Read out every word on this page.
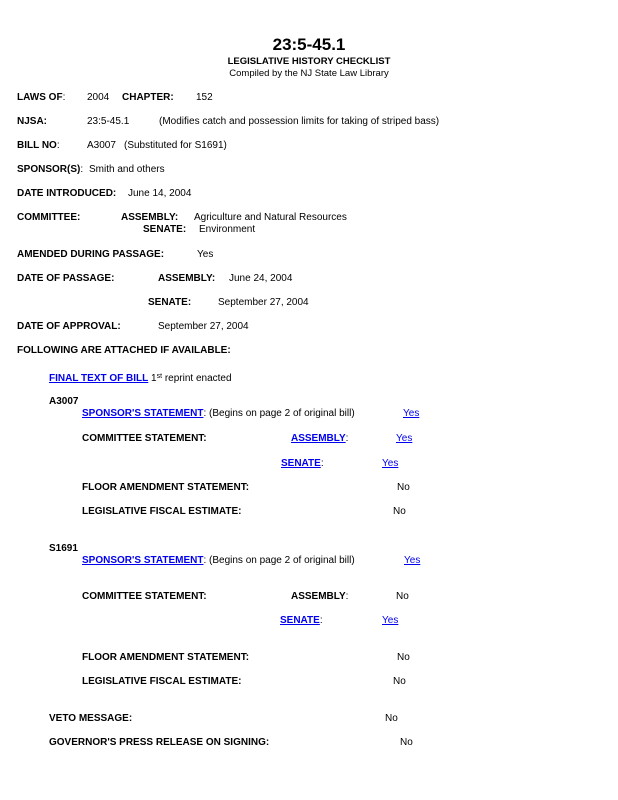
23:5-45.1
LEGISLATIVE HISTORY CHECKLIST
Compiled by the NJ State Law Library
LAWS OF: 2004 CHAPTER: 152
NJSA:	23:5-45.1	(Modifies catch and possession limits for taking of striped bass)
BILL NO:	A3007 (Substituted for S1691)
SPONSOR(S): Smith and others
DATE INTRODUCED: June 14, 2004
COMMITTEE:	ASSEMBLY: Agriculture and Natural Resources
SENATE: Environment
AMENDED DURING PASSAGE:	Yes
DATE OF PASSAGE:	ASSEMBLY: June 24, 2004
SENATE:	September 27, 2004
DATE OF APPROVAL:	September 27, 2004
FOLLOWING ARE ATTACHED IF AVAILABLE:
FINAL TEXT OF BILL 1st reprint enacted
A3007
SPONSOR'S STATEMENT: (Begins on page 2 of original bill)	Yes
COMMITTEE STATEMENT:	ASSEMBLY:	Yes
SENATE:	Yes
FLOOR AMENDMENT STATEMENT:	No
LEGISLATIVE FISCAL ESTIMATE:	No
S1691
SPONSOR'S STATEMENT: (Begins on page 2 of original bill)	Yes
COMMITTEE STATEMENT:	ASSEMBLY:	No
SENATE:	Yes
FLOOR AMENDMENT STATEMENT:	No
LEGISLATIVE FISCAL ESTIMATE:	No
VETO MESSAGE:	No
GOVERNOR'S PRESS RELEASE ON SIGNING:	No
